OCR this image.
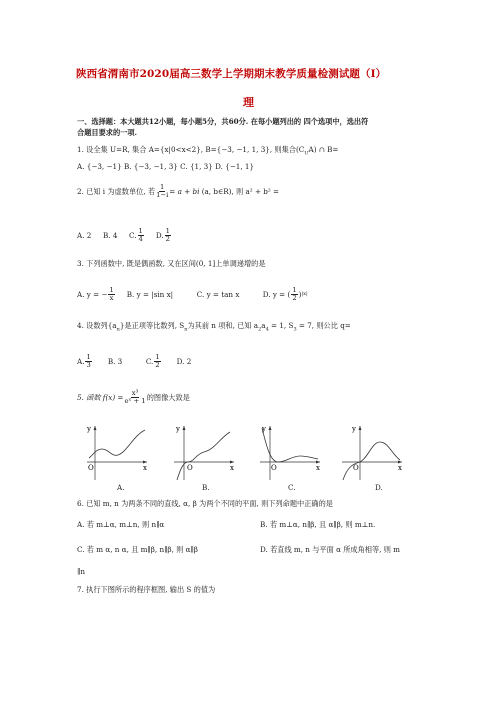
陕西省渭南市2020届高三数学上学期期末教学质量检测试题（Ⅰ）
理
一、选择题：本大题共12小题，每小题5分，共60分. 在每小题列出的 四个选项中，选出符
合题目要求的一项.
1. 设全集 U=R, 集合 A={x|0<x<2}, B={−3, −1, 1, 3}, 则集合$(C_UA)$ ∩ B=
A. {−3, −1} B. {−3, −1, 3} C. {1, 3} D. {−1, 1}
2. 已知 i 为虚数单位, 若 $\frac{1}{1-i} = a$ + bi
(a, b∈R), 则 a² + b² =
A. 2	B. 4	C. $\frac{1}{4} D$. $\frac{1}{2}$
3. 下列函数中, 既是偶函数, 又在区间(0, 1]上单调递增的是
A. y = − $\frac{1}{x} B$. y = |sin x|	C. y = tan x	D. y = ( $\frac{1}{2}$ ) |x|
4. 设数列$\{a_n\}$是正项等比数列, $S_n$为其前 n 项和, 已知 $a_2a_4 = 1$, $S_3 = 7$, 则公比 q=
A. $\frac{1}{3} B$. 3	C. $\frac{1}{2} D$. 2
5. 函数 $f(x) = \frac{\text{x³}}{\text{eˣ + 1}}$ 的图像大致是
y
x
O
A.
y
x
O
B.
y
x
O
C.
y
x
O
D.
6. 已知 m, n 为两条不同的直线, α, β 为两个不同的平面, 则下列命题中正确的是
A. 若 m⊥α, m⊥n, 则 n∥α	B. 若 m⊥α, n∥β, 且 α∥β, 则 m⊥n.
C. 若 m α, n α, 且 m∥β, n∥β, 则 α∥β	D. 若直线 m, n 与平面 α 所成角相等, 则 m
∥n
7. 执行下图所示的程序框图, 输出 S 的值为
